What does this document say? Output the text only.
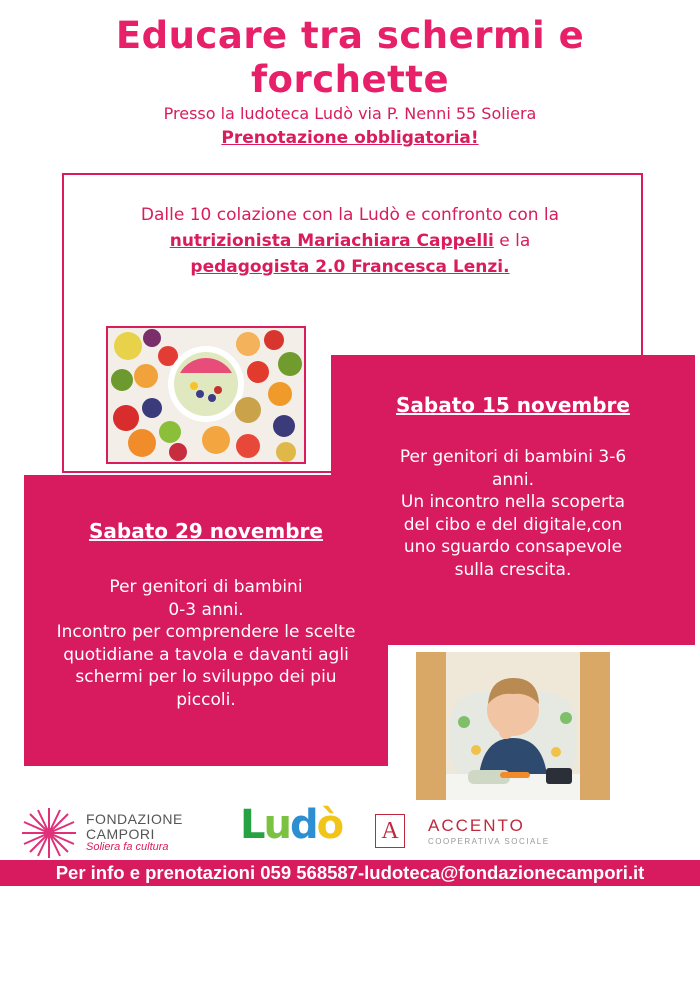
Educare tra schermi e
forchette
Presso la ludoteca Ludò via P. Nenni 55 Soliera
Prenotazione obbligatoria!
Dalle 10 colazione con la Ludò e confronto con la
nutrizionista Mariachiara Cappelli e la
pedagogista 2.0 Francesca Lenzi.
Sabato 15 novembre
Per genitori di bambini 3-6
anni.
Un incontro nella scoperta
del cibo e del digitale,con
uno sguardo consapevole
sulla crescita.
Sabato 29 novembre
Per genitori di bambini
0-3 anni.
Incontro per comprendere le scelte
quotidiane a tavola e davanti agli
schermi per lo sviluppo dei piu
piccoli.
FONDAZIONE
CAMPORI
Soliera fa cultura Ludò A	ACCENTO
COOPERATIVA SOCIALE
Per info e prenotazioni 059 568587-ludoteca@fondazionecampori.it
